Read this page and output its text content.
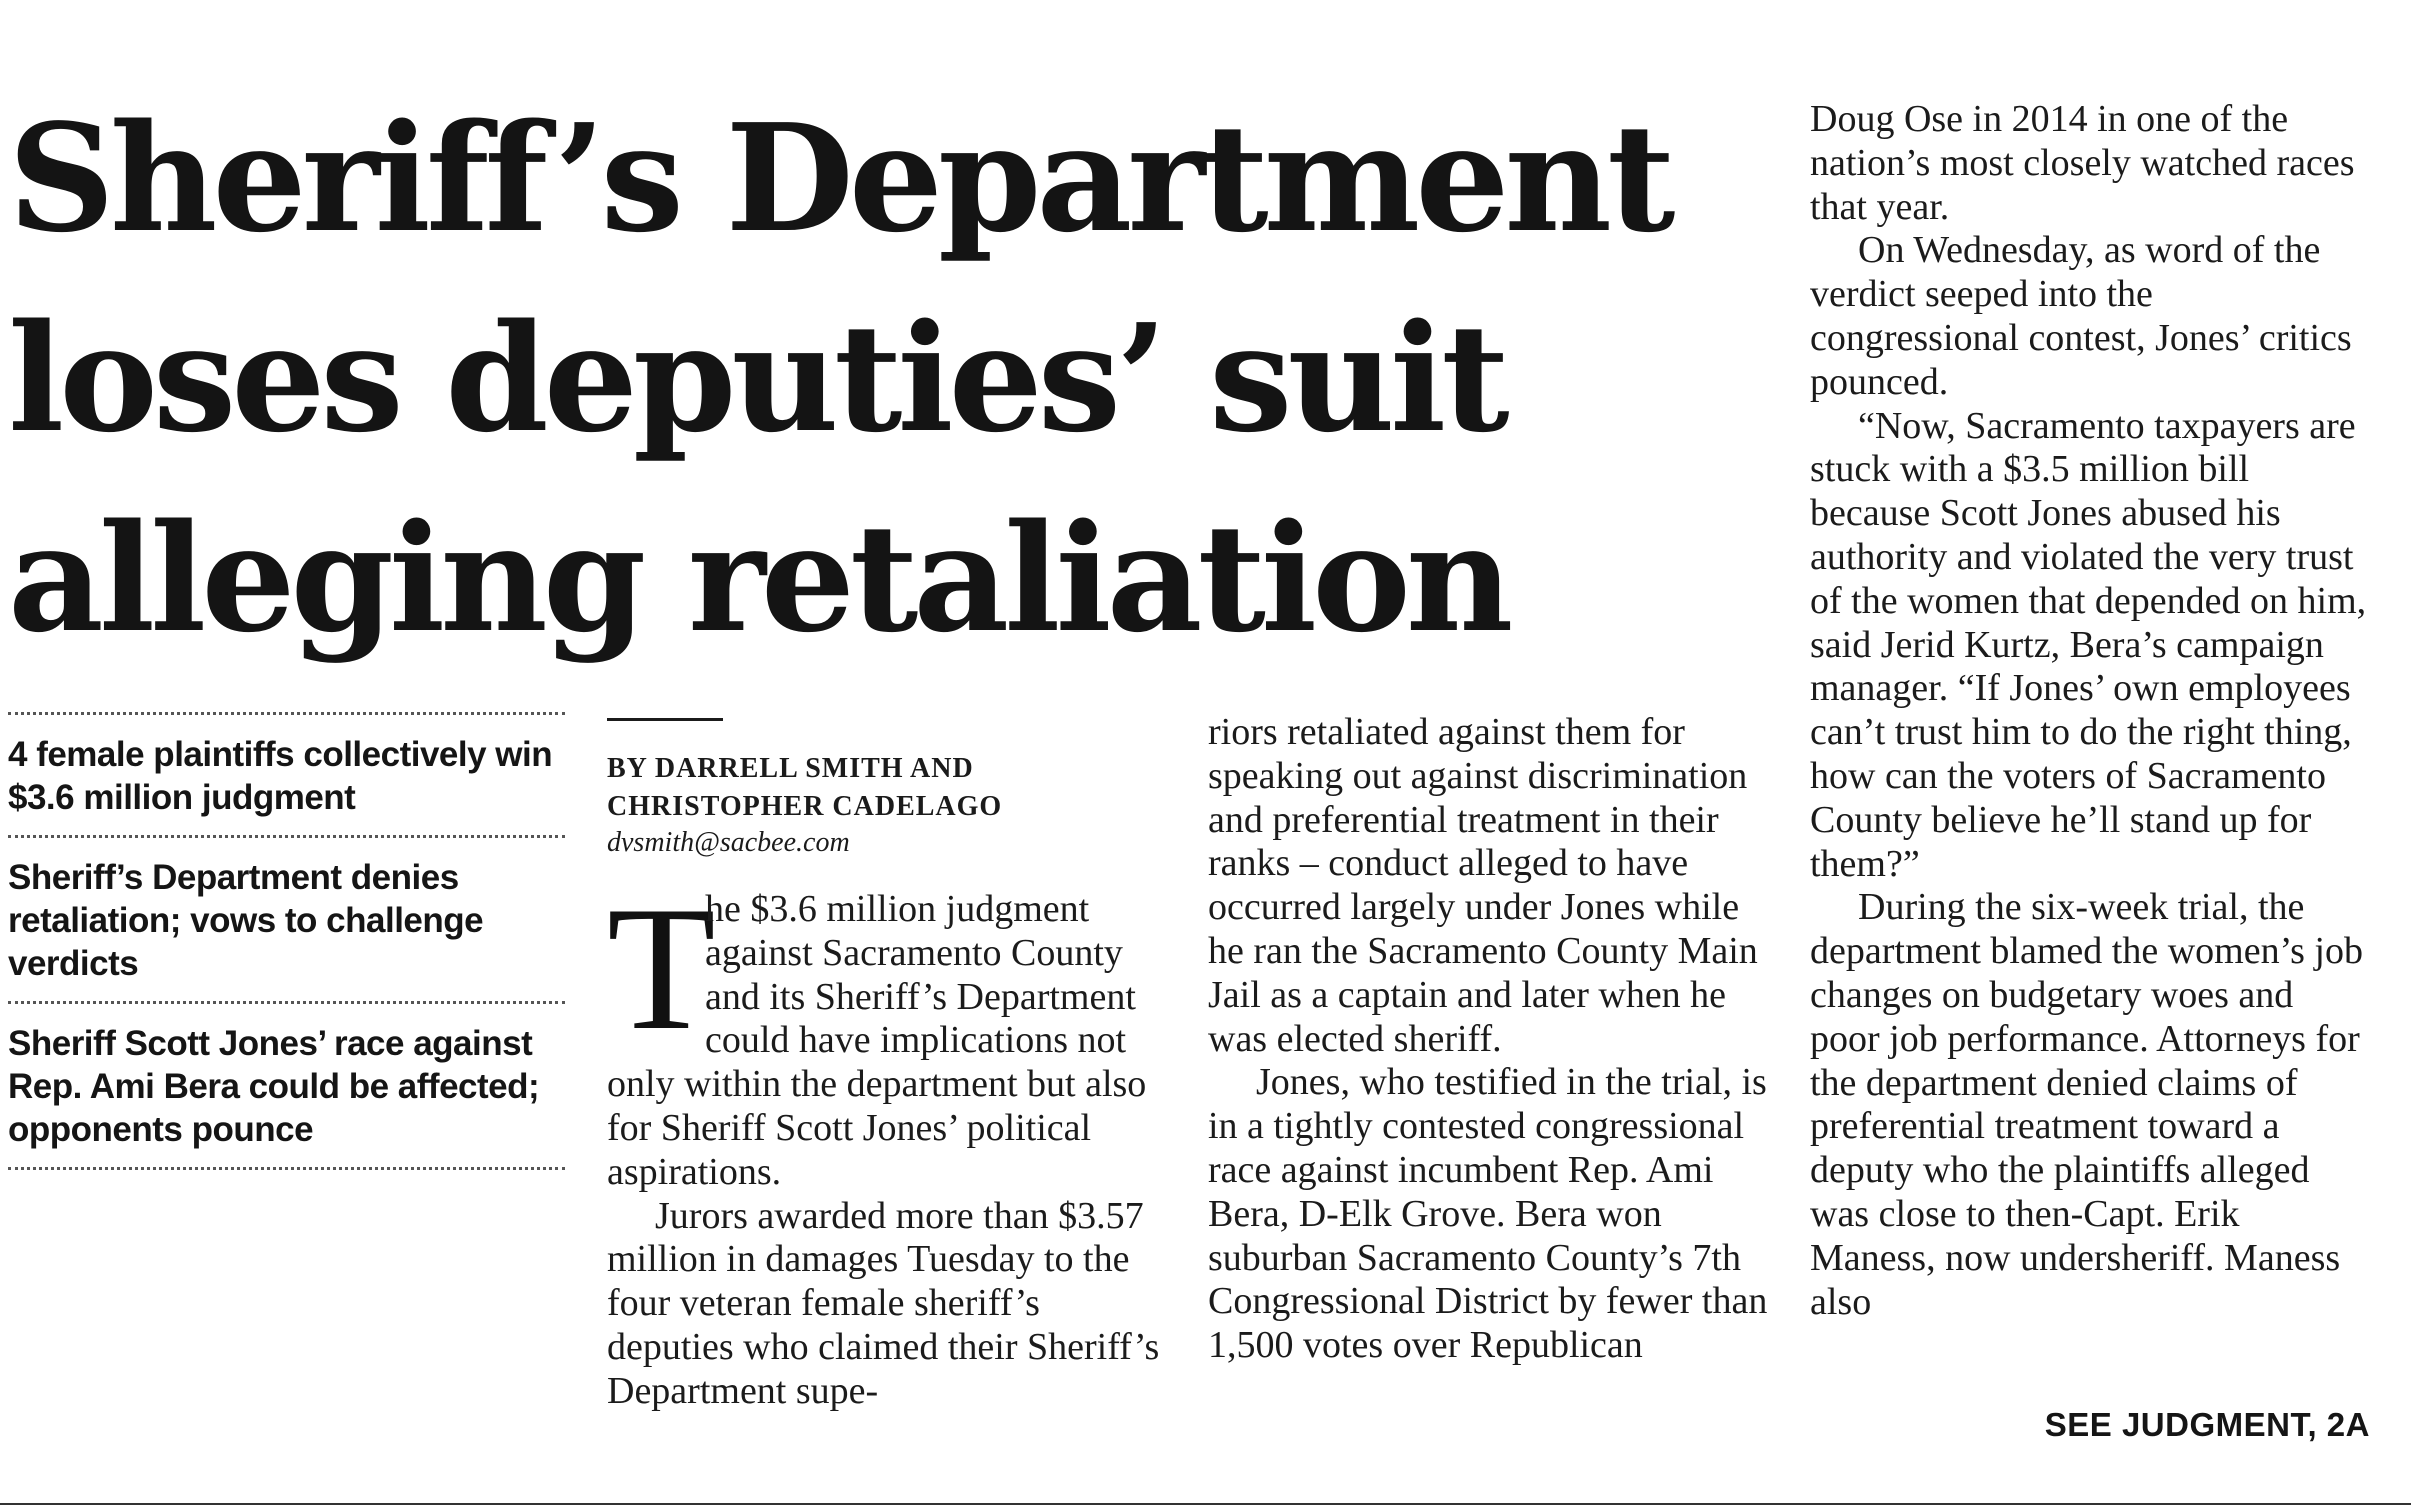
Sheriff’s Department
loses deputies’ suit
alleging retaliation
4 female plaintiffs collectively win $3.6 million judgment
Sheriff’s Department denies retaliation; vows to challenge verdicts
Sheriff Scott Jones’ race against Rep. Ami Bera could be affected; opponents pounce
BY DARRELL SMITH AND
CHRISTOPHER CADELAGO
dvsmith@sacbee.com

T
he $3.6 million judgment against Sacramento County and its Sheriff’s Department could have implications not only within the department but also for Sheriff Scott Jones’ political aspirations.

Jurors awarded more than $3.57 million in damages Tuesday to the four veteran female sheriff’s deputies who claimed their Sheriff’s Department supe-

riors retaliated against them for speaking out against discrimination and preferential treatment in their ranks – conduct alleged to have occurred largely under Jones while he ran the Sacramento County Main Jail as a captain and later when he was elected sheriff.

Jones, who testified in the trial, is in a tightly contested congressional race against incumbent Rep. Ami Bera, D-Elk Grove. Bera won suburban Sacramento County’s 7th Congressional District by fewer than 1,500 votes over Republican

Doug Ose in 2014 in one of the nation’s most closely watched races that year.

On Wednesday, as word of the verdict seeped into the congressional contest, Jones’ critics pounced.

“Now, Sacramento taxpayers are stuck with a $3.5 million bill because Scott Jones abused his authority and violated the very trust of the women that depended on him, said Jerid Kurtz, Bera’s campaign manager. “If Jones’ own employees can’t trust him to do the right thing, how can the voters of Sacramento County believe he’ll stand up for them?”

During the six-week trial, the department blamed the women’s job changes on budgetary woes and poor job performance. Attorneys for the department denied claims of preferential treatment toward a deputy who the plaintiffs alleged was close to then-Capt. Erik Maness, now undersheriff. Maness also

SEE JUDGMENT, 2A
